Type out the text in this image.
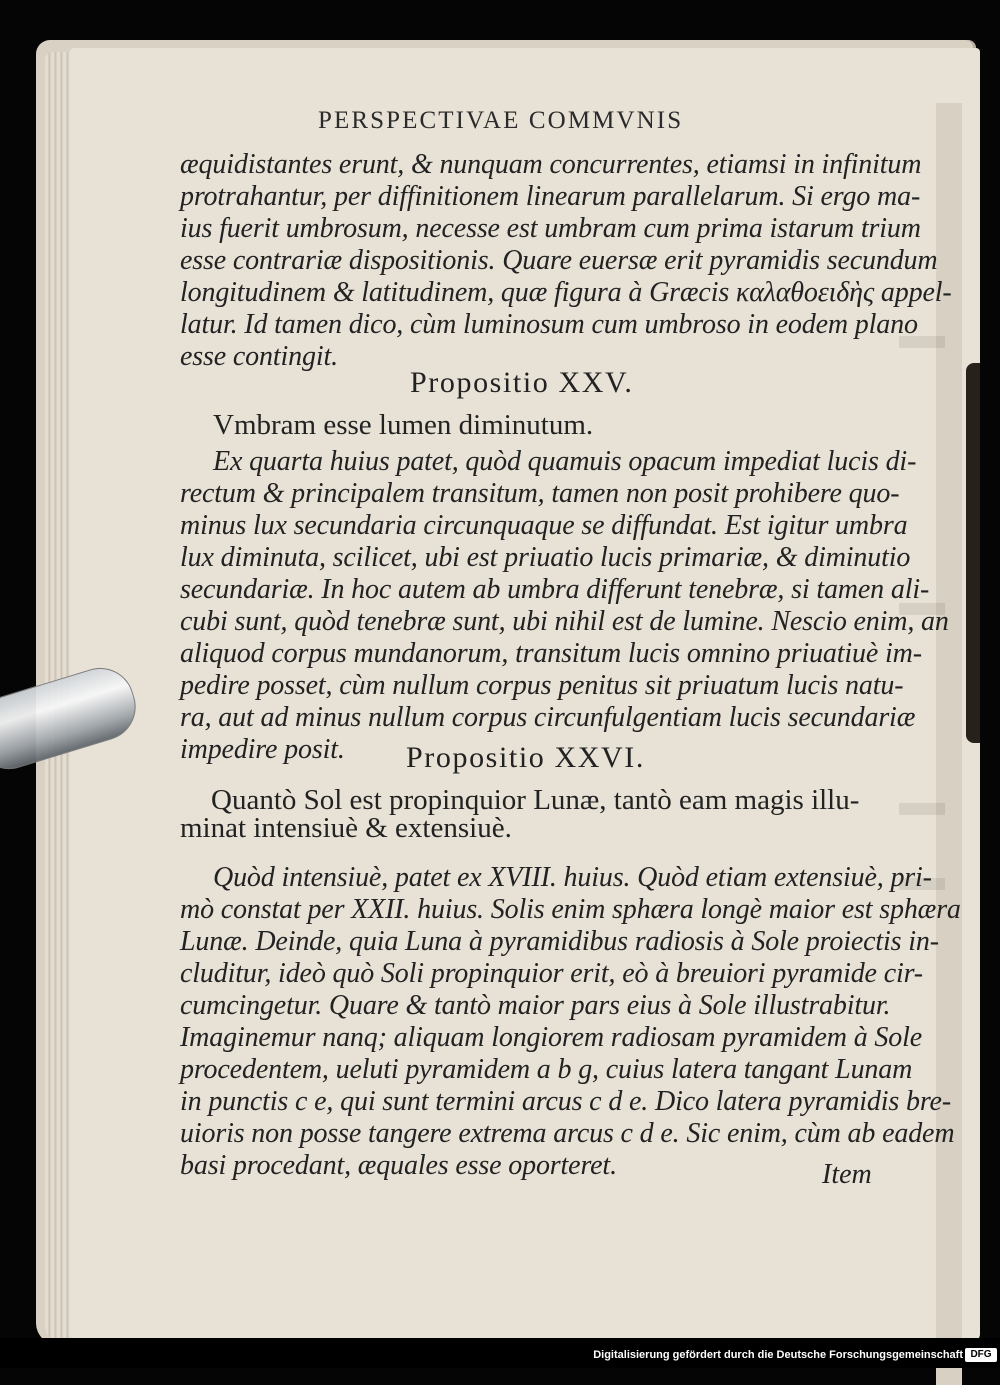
PERSPECTIVAE COMMVNIS
æquidistantes erunt, & nunquam concurrentes, etiamsi in infinitum
protrahantur, per diffinitionem linearum parallelarum. Si ergo ma-
ius fuerit umbrosum, necesse est umbram cum prima istarum trium
esse contrariæ dispositionis. Quare euersæ erit pyramidis secundum
longitudinem & latitudinem, quæ figura à Græcis καλαθοειδὴς appel-
latur. Id tamen dico, cùm luminosum cum umbroso in eodem plano
esse contingit.
Propositio XXV.
Vmbram esse lumen diminutum.
Ex quarta huius patet, quòd quamuis opacum impediat lucis di-
rectum & principalem transitum, tamen non posit prohibere quo-
minus lux secundaria circunquaque se diffundat. Est igitur umbra
lux diminuta, scilicet, ubi est priuatio lucis primariæ, & diminutio
secundariæ. In hoc autem ab umbra differunt tenebræ, si tamen ali-
cubi sunt, quòd tenebræ sunt, ubi nihil est de lumine. Nescio enim, an
aliquod corpus mundanorum, transitum lucis omnino priuatiuè im-
pedire posset, cùm nullum corpus penitus sit priuatum lucis natu-
ra, aut ad minus nullum corpus circunfulgentiam lucis secundariæ
impedire posit. Propositio XXVI.
Quantò Sol est propinquior Lunæ, tantò eam magis illu-
minat intensiuè & extensiuè.
Quòd intensiuè, patet ex XVIII. huius. Quòd etiam extensiuè, pri-
mò constat per XXII. huius. Solis enim sphæra longè maior est sphæra
Lunæ. Deinde, quia Luna à pyramidibus radiosis à Sole proiectis in-
cluditur, ideò quò Soli propinquior erit, eò à breuiori pyramide cir-
cumcingetur. Quare & tantò maior pars eius à Sole illustrabitur.
Imaginemur nanq; aliquam longiorem radiosam pyramidem à Sole
procedentem, ueluti pyramidem a b g, cuius latera tangant Lunam
in punctis c e, qui sunt termini arcus c d e. Dico latera pyramidis bre-
uioris non posse tangere extrema arcus c d e. Sic enim, cùm ab eadem
basi procedant, æquales esse oporteret.	Item
Digitalisierung gefördert durch die Deutsche Forschungsgemeinschaft DFG
